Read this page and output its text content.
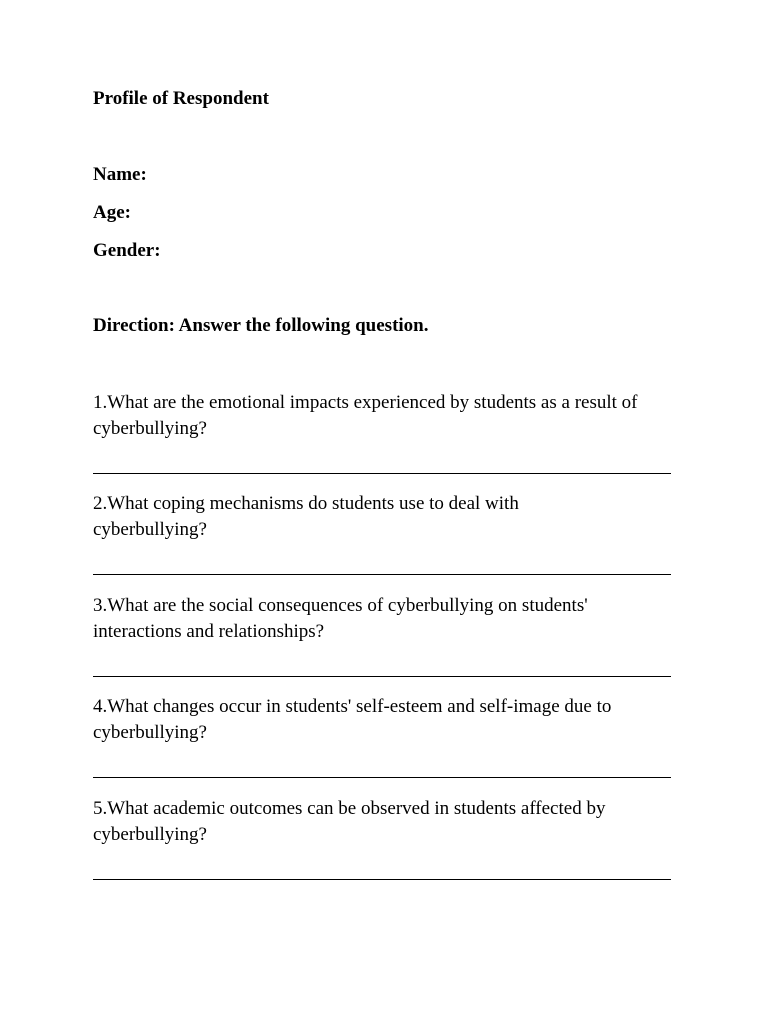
Profile of Respondent
Name:
Age:
Gender:
Direction: Answer the following question.
1.What are the emotional impacts experienced by students as a result of cyberbullying?
2.What coping mechanisms do students use to deal with cyberbullying?
3.What are the social consequences of cyberbullying on students' interactions and relationships?
4.What changes occur in students' self-esteem and self-image due to cyberbullying?
5.What academic outcomes can be observed in students affected by cyberbullying?
